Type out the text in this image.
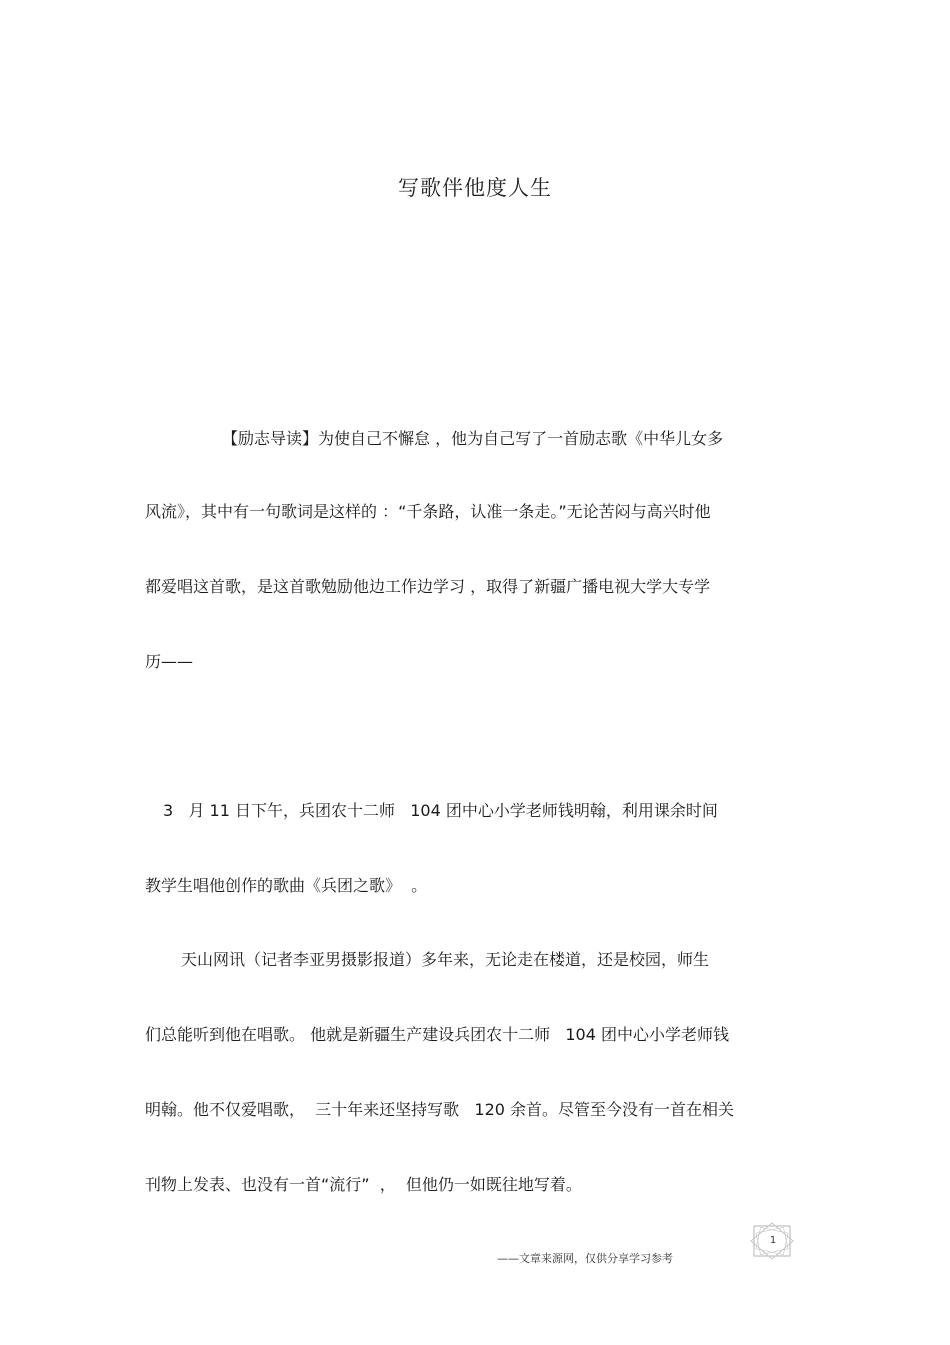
写歌伴他度人生
【励志导读】为使自己不懈怠 ，他为自己写了一首励志歌《中华儿女多
风流》，其中有一句歌词是这样的 ：“千条路，认准一条走。”无论苦闷与高兴时他
都爱唱这首歌，是这首歌勉励他边工作边学习 ，取得了新疆广播电视大学大专学
历——
3   月 11 日下午，兵团农十二师   104 团中心小学老师钱明翰，利用课余时间
教学生唱他创作的歌曲《兵团之歌》  。
天山网讯（记者李亚男摄影报道）多年来，无论走在楼道，还是校园，师生
们总能听到他在唱歌。 他就是新疆生产建设兵团农十二师   104 团中心小学老师钱
明翰。他不仅爱唱歌，  三十年来还坚持写歌   120 余首。尽管至今没有一首在相关
刊物上发表、也没有一首“流行”  ，  但他仍一如既往地写着。
1
——文章来源网，仅供分享学习参考
